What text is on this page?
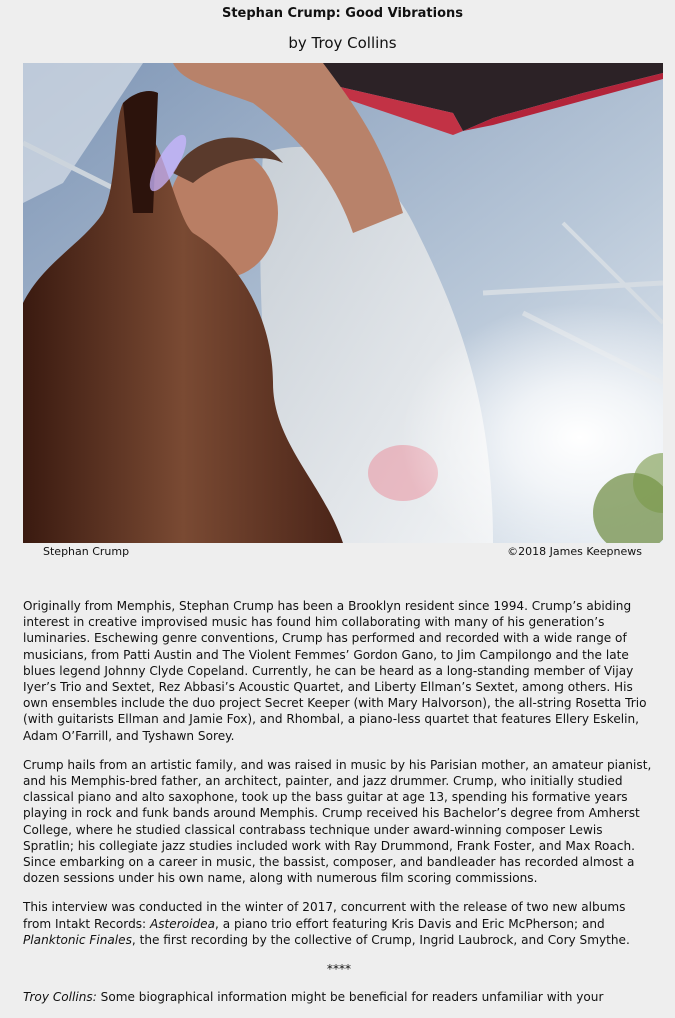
Stephan Crump: Good Vibrations
by Troy Collins
Stephan Crump	©2018 James Keepnews

Originally from Memphis, Stephan Crump has been a Brooklyn resident since 1994. Crump’s abiding interest in creative improvised music has found him collaborating with many of his generation’s luminaries. Eschewing genre conventions, Crump has performed and recorded with a wide range of musicians, from Patti Austin and The Violent Femmes’ Gordon Gano, to Jim Campilongo and the late blues legend Johnny Clyde Copeland. Currently, he can be heard as a long-standing member of Vijay Iyer’s Trio and Sextet, Rez Abbasi’s Acoustic Quartet, and Liberty Ellman’s Sextet, among others. His own ensembles include the duo project Secret Keeper (with Mary Halvorson), the all-string Rosetta Trio (with guitarists Ellman and Jamie Fox), and Rhombal, a piano-less quartet that features Ellery Eskelin, Adam O’Farrill, and Tyshawn Sorey.

Crump hails from an artistic family, and was raised in music by his Parisian mother, an amateur pianist, and his Memphis-bred father, an architect, painter, and jazz drummer. Crump, who initially studied classical piano and alto saxophone, took up the bass guitar at age 13, spending his formative years playing in rock and funk bands around Memphis. Crump received his Bachelor’s degree from Amherst College, where he studied classical contrabass technique under award-winning composer Lewis Spratlin; his collegiate jazz studies included work with Ray Drummond, Frank Foster, and Max Roach. Since embarking on a career in music, the bassist, composer, and bandleader has recorded almost a dozen sessions under his own name, along with numerous film scoring commissions.

This interview was conducted in the winter of 2017, concurrent with the release of two new albums from Intakt Records: Asteroidea, a piano trio effort featuring Kris Davis and Eric McPherson; and Planktonic Finales, the first recording by the collective of Crump, Ingrid Laubrock, and Cory Smythe.

****

Troy Collins: Some biographical information might be beneficial for readers unfamiliar with your
